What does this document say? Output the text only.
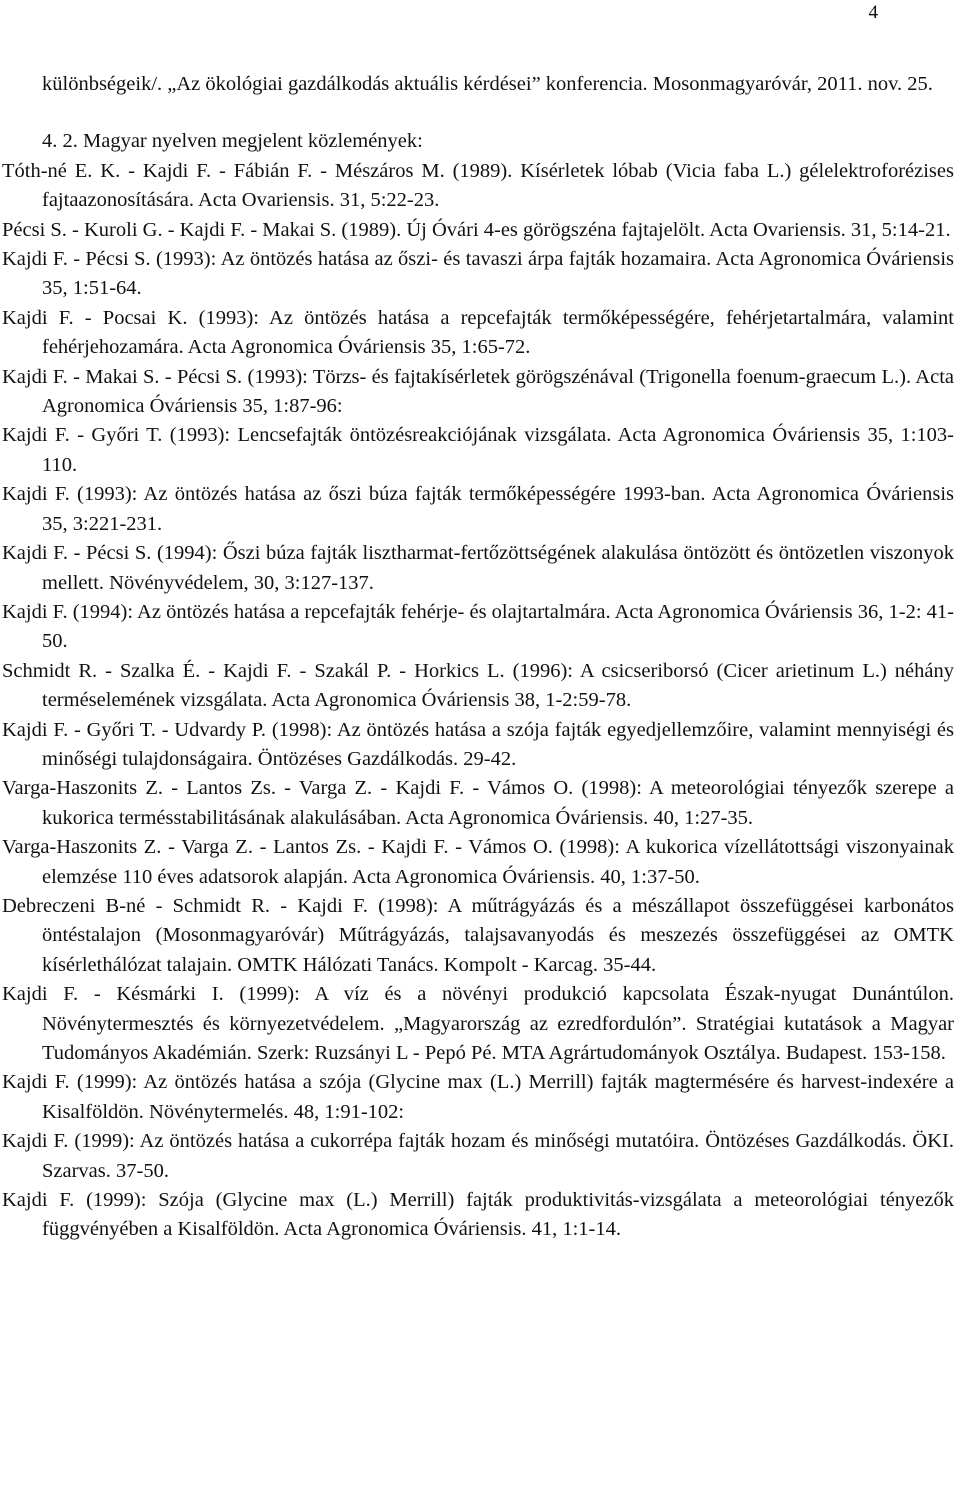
4
különbségeik/. „Az ökológiai gazdálkodás aktuális kérdései” konferencia. Mosonmagyaróvár, 2011. nov. 25.
4. 2. Magyar nyelven megjelent közlemények:
Tóth-né E. K. - Kajdi F. - Fábián F. - Mészáros M. (1989). Kísérletek lóbab (Vicia faba L.) gélelektroforézises fajtaazonosítására. Acta Ovariensis. 31, 5:22-23.
Pécsi S. - Kuroli G. - Kajdi F. - Makai S. (1989). Új Óvári 4-es görögszéna fajtajelölt. Acta Ovariensis. 31, 5:14-21.
Kajdi F. - Pécsi S. (1993): Az öntözés hatása az őszi- és tavaszi árpa fajták hozamaira. Acta Agronomica Óváriensis 35, 1:51-64.
Kajdi F. - Pocsai K. (1993): Az öntözés hatása a repcefajták termőképességére, fehérjetartalmára, valamint fehérjehozamára. Acta Agronomica Óváriensis 35, 1:65-72.
Kajdi F. - Makai S. - Pécsi S. (1993): Törzs- és fajtakísérletek görögszénával (Trigonella foenum-graecum L.). Acta Agronomica Óváriensis 35, 1:87-96:
Kajdi F. - Győri T. (1993): Lencsefajták öntözésreakciójának vizsgálata. Acta Agronomica Óváriensis 35, 1:103-110.
Kajdi F. (1993): Az öntözés hatása az őszi búza fajták termőképességére 1993-ban. Acta Agronomica Óváriensis 35, 3:221-231.
Kajdi F. - Pécsi S. (1994): Őszi búza fajták lisztharmat-fertőzöttségének alakulása öntözött és öntözetlen viszonyok mellett. Növényvédelem, 30, 3:127-137.
Kajdi F. (1994): Az öntözés hatása a repcefajták fehérje- és olajtartalmára. Acta Agronomica Óváriensis 36, 1-2: 41-50.
Schmidt R. - Szalka É. - Kajdi F. - Szakál P. - Horkics L. (1996): A csicseriborsó (Cicer arietinum L.) néhány terméselemének vizsgálata. Acta Agronomica Óváriensis 38, 1-2:59-78.
Kajdi F. - Győri T. - Udvardy P. (1998): Az öntözés hatása a szója fajták egyedjellemzőire, valamint mennyiségi és minőségi tulajdonságaira. Öntözéses Gazdálkodás. 29-42.
Varga-Haszonits Z. - Lantos Zs. - Varga Z. - Kajdi F. - Vámos O. (1998): A meteorológiai tényezők szerepe a kukorica termésstabilitásának alakulásában. Acta Agronomica Óváriensis. 40, 1:27-35.
Varga-Haszonits Z. - Varga Z. - Lantos Zs. - Kajdi F. - Vámos O. (1998): A kukorica vízellátottsági viszonyainak elemzése 110 éves adatsorok alapján. Acta Agronomica Óváriensis. 40, 1:37-50.
Debreczeni B-né - Schmidt R. - Kajdi F. (1998): A műtrágyázás és a mészállapot összefüggései karbonátos öntéstalajon (Mosonmagyaróvár) Műtrágyázás, talajsavanyodás és meszezés összefüggései az OMTK kísérlethálózat talajain. OMTK Hálózati Tanács. Kompolt - Karcag. 35-44.
Kajdi F. - Késmárki I. (1999): A víz és a növényi produkció kapcsolata Észak-nyugat Dunántúlon. Növénytermesztés és környezetvédelem. „Magyarország az ezredfordulón”. Stratégiai kutatások a Magyar Tudományos Akadémián. Szerk: Ruzsányi L - Pepó Pé. MTA Agrártudományok Osztálya. Budapest. 153-158.
Kajdi F. (1999): Az öntözés hatása a szója (Glycine max (L.) Merrill) fajták magtermésére és harvest-indexére a Kisalföldön. Növénytermelés. 48, 1:91-102:
Kajdi F. (1999): Az öntözés hatása a cukorrépa fajták hozam és minőségi mutatóira. Öntözéses Gazdálkodás. ÖKI. Szarvas. 37-50.
Kajdi F. (1999): Szója (Glycine max (L.) Merrill) fajták produktivitás-vizsgálata a meteorológiai tényezők függvényében a Kisalföldön. Acta Agronomica Óváriensis. 41, 1:1-14.
